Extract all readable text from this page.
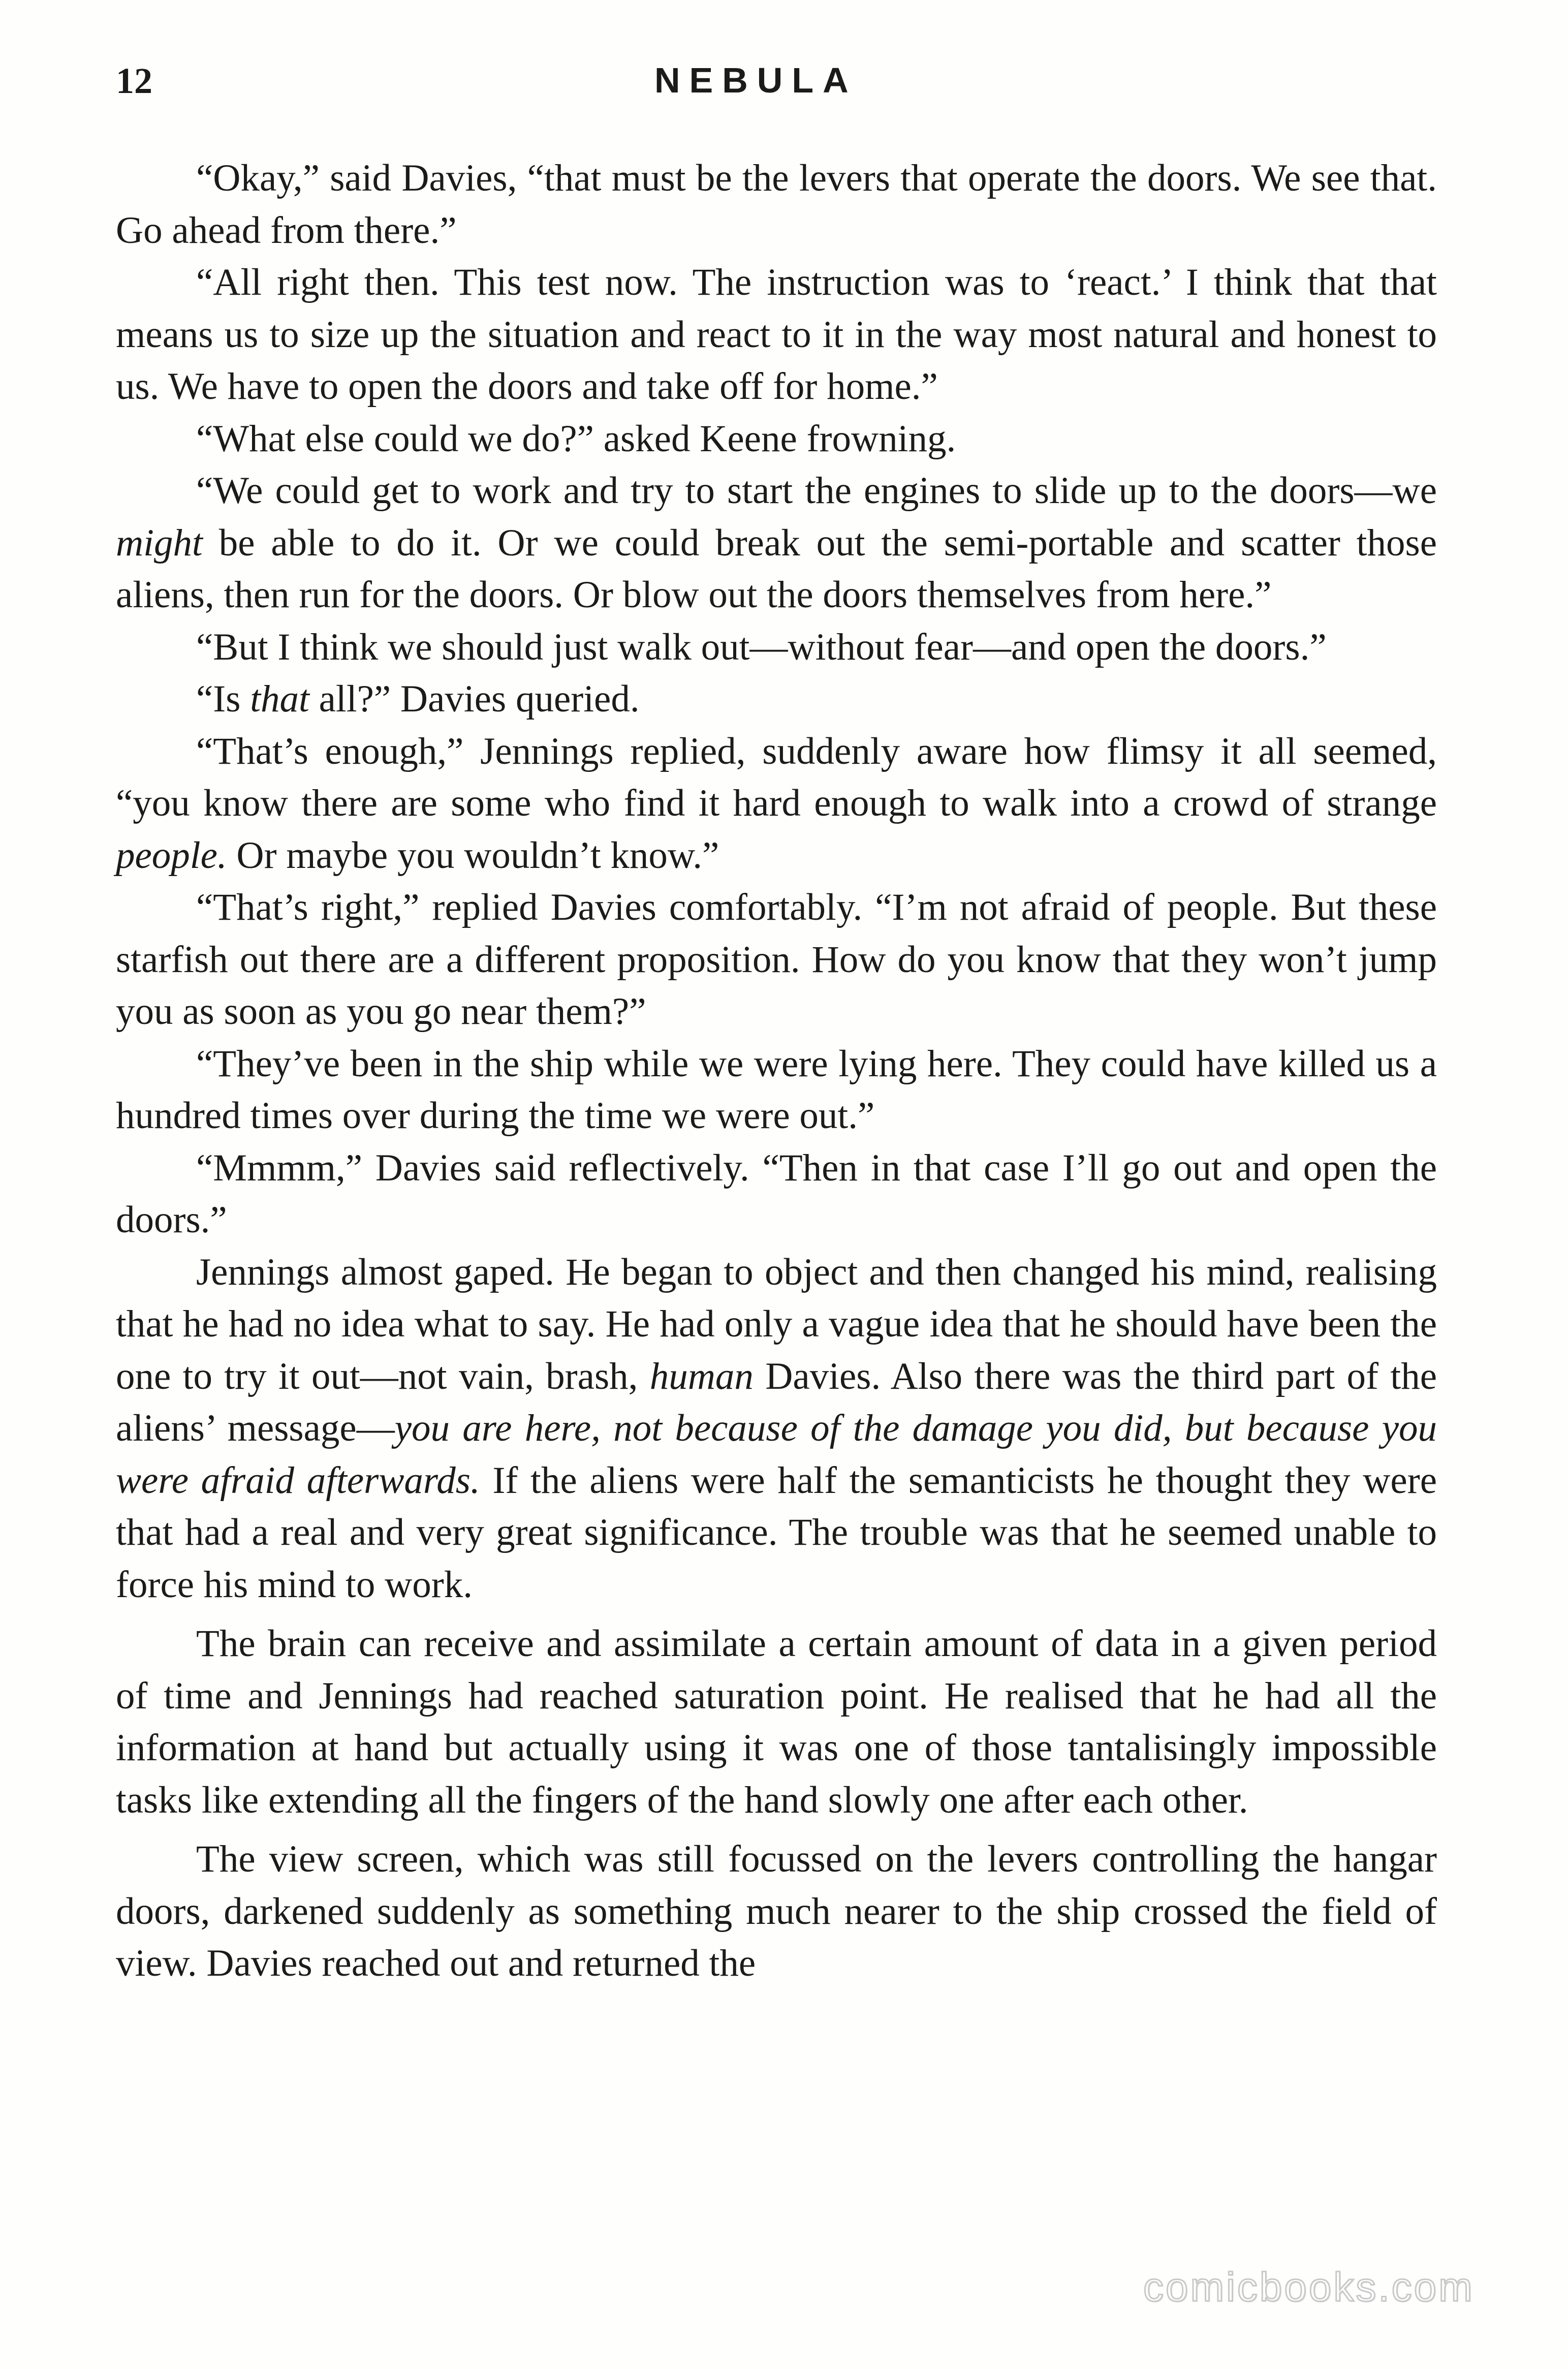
12	NEBULA

“Okay,” said Davies, “that must be the levers that operate the doors. We see that. Go ahead from there.”

“All right then. This test now. The instruction was to ‘react.’ I think that that means us to size up the situation and react to it in the way most natural and honest to us. We have to open the doors and take off for home.”

“What else could we do?” asked Keene frowning.

“We could get to work and try to start the engines to slide up to the doors—we might be able to do it. Or we could break out the semi-portable and scatter those aliens, then run for the doors. Or blow out the doors themselves from here.”

“But I think we should just walk out—without fear—and open the doors.”

“Is that all?” Davies queried.

“That’s enough,” Jennings replied, suddenly aware how flimsy it all seemed, “you know there are some who find it hard enough to walk into a crowd of strange people. Or maybe you wouldn’t know.”

“That’s right,” replied Davies comfortably. “I’m not afraid of people. But these starfish out there are a different proposition. How do you know that they won’t jump you as soon as you go near them?”

“They’ve been in the ship while we were lying here. They could have killed us a hundred times over during the time we were out.”

“Mmmm,” Davies said reflectively. “Then in that case I’ll go out and open the doors.”

Jennings almost gaped. He began to object and then changed his mind, realising that he had no idea what to say. He had only a vague idea that he should have been the one to try it out—not vain, brash, human Davies. Also there was the third part of the aliens’ message—you are here, not because of the damage you did, but because you were afraid afterwards. If the aliens were half the semanticists he thought they were that had a real and very great significance. The trouble was that he seemed unable to force his mind to work.

The brain can receive and assimilate a certain amount of data in a given period of time and Jennings had reached saturation point. He realised that he had all the information at hand but actually using it was one of those tantalisingly impossible tasks like extending all the fingers of the hand slowly one after each other.

The view screen, which was still focussed on the levers controlling the hangar doors, darkened suddenly as something much nearer to the ship crossed the field of view. Davies reached out and returned the

comicbooks.com
